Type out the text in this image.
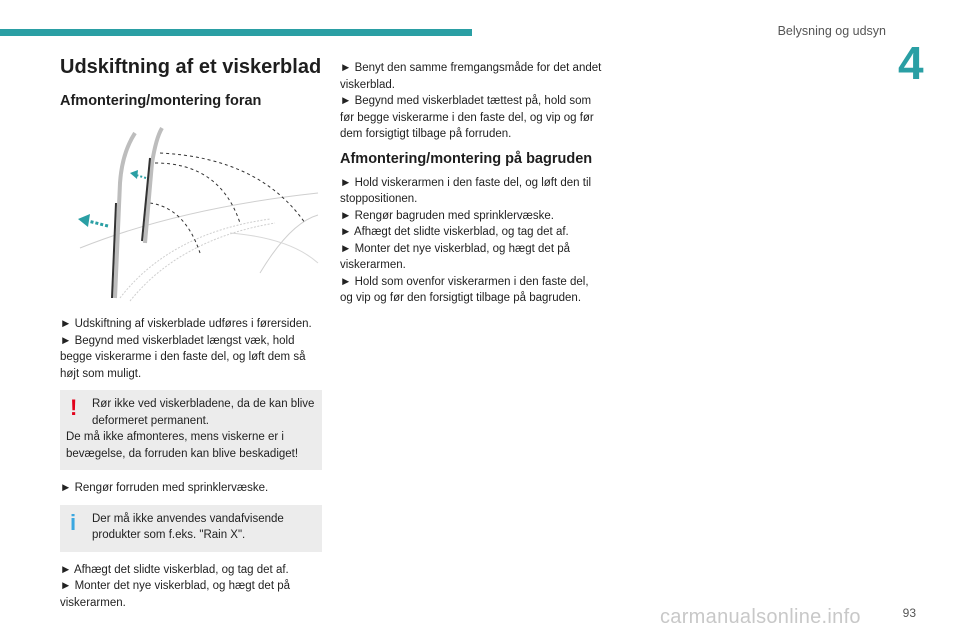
Belysning og udsyn
4
Udskiftning af et viskerblad
Afmontering/montering foran

► Udskiftning af viskerblade udføres i førersiden.

► Begynd med viskerbladet længst væk, hold begge viskerarme i den faste del, og løft dem så højt som muligt.

!	Rør ikke ved viskerbladene, da de kan blive deformeret permanent.

De må ikke afmonteres, mens viskerne er i bevægelse, da forruden kan blive beskadiget!

► Rengør forruden med sprinklervæske.

i	Der må ikke anvendes vandafvisende produkter som f.eks. "Rain X".

► Afhægt det slidte viskerblad, og tag det af.

► Monter det nye viskerblad, og hægt det på viskerarmen.

► Benyt den samme fremgangsmåde for det andet viskerblad.

► Begynd med viskerbladet tættest på, hold som før begge viskerarme i den faste del, og vip og før dem forsigtigt tilbage på forruden.

Afmontering/montering på bagruden

► Hold viskerarmen i den faste del, og løft den til stoppositionen.

► Rengør bagruden med sprinklervæske.

► Afhægt det slidte viskerblad, og tag det af.

► Monter det nye viskerblad, og hægt det på viskerarmen.

► Hold som ovenfor viskerarmen i den faste del, og vip og før den forsigtigt tilbage på bagruden.

carmanualsonline.info	93
